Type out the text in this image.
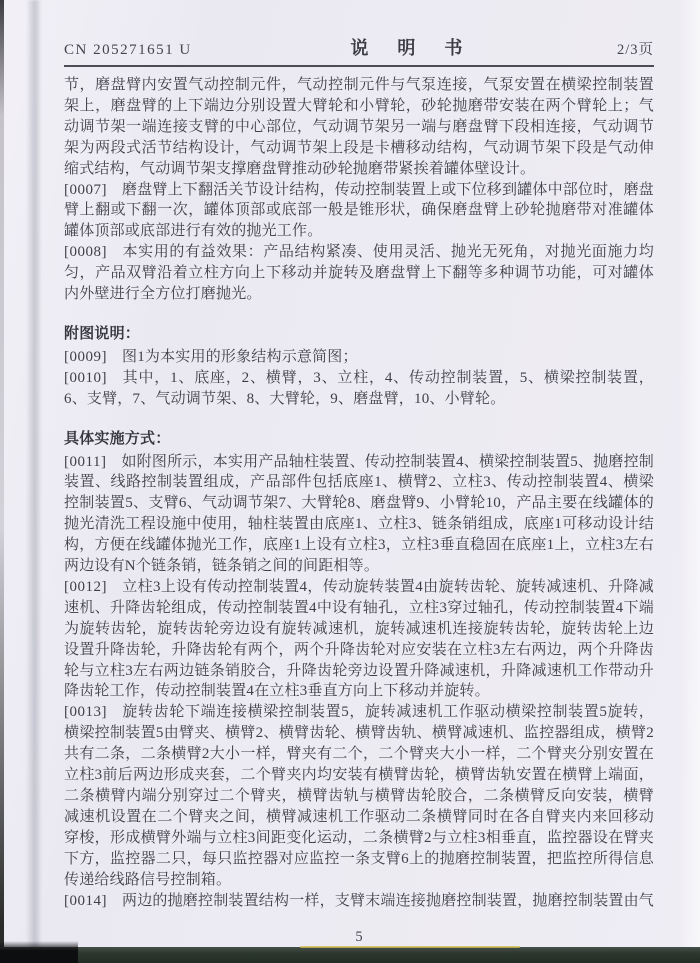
CN 205271651 U	说 明 书	2/3页

节，磨盘臂内安置气动控制元件，气动控制元件与气泵连接，气泵安置在横梁控制装置架上，磨盘臂的上下端边分别设置大臂轮和小臂轮，砂轮抛磨带安装在两个臂轮上；气动调节架一端连接支臂的中心部位，气动调节架另一端与磨盘臂下段相连接，气动调节架为两段式活节结构设计，气动调节架上段是卡槽移动结构，气动调节架下段是气动伸缩式结构，气动调节架支撑磨盘臂推动砂轮抛磨带紧挨着罐体壁设计。

[0007] 磨盘臂上下翻活关节设计结构，传动控制装置上或下位移到罐体中部位时，磨盘臂上翻或下翻一次，罐体顶部或底部一般是锥形状，确保磨盘臂上砂轮抛磨带对准罐体罐体顶部或底部进行有效的抛光工作。

[0008] 本实用的有益效果：产品结构紧凑、使用灵活、抛光无死角，对抛光面施力均匀，产品双臂沿着立柱方向上下移动并旋转及磨盘臂上下翻等多种调节功能，可对罐体内外壁进行全方位打磨抛光。

附图说明：

[0009] 图1为本实用的形象结构示意简图；

[0010] 其中，1、底座，2、横臂，3、立柱，4、传动控制装置，5、横梁控制装置，6、支臂，7、气动调节架、8、大臂轮，9、磨盘臂，10、小臂轮。

具体实施方式：

[0011] 如附图所示，本实用产品轴柱装置、传动控制装置4、横梁控制装置5、抛磨控制装置、线路控制装置组成，产品部件包括底座1、横臂2、立柱3、传动控制装置4、横梁控制装置5、支臂6、气动调节架7、大臂轮8、磨盘臂9、小臂轮10，产品主要在线罐体的抛光清洗工程设施中使用，轴柱装置由底座1、立柱3、链条销组成，底座1可移动设计结构，方便在线罐体抛光工作，底座1上设有立柱3，立柱3垂直稳固在底座1上，立柱3左右两边设有N个链条销，链条销之间的间距相等。

[0012] 立柱3上设有传动控制装置4，传动旋转装置4由旋转齿轮、旋转减速机、升降减速机、升降齿轮组成，传动控制装置4中设有轴孔，立柱3穿过轴孔，传动控制装置4下端为旋转齿轮，旋转齿轮旁边设有旋转减速机，旋转减速机连接旋转齿轮，旋转齿轮上边设置升降齿轮，升降齿轮有两个，两个升降齿轮对应安装在立柱3左右两边，两个升降齿轮与立柱3左右两边链条销胶合，升降齿轮旁边设置升降减速机，升降减速机工作带动升降齿轮工作，传动控制装置4在立柱3垂直方向上下移动并旋转。

[0013] 旋转齿轮下端连接横梁控制装置5，旋转减速机工作驱动横梁控制装置5旋转，横梁控制装置5由臂夹、横臂2、横臂齿轮、横臂齿轨、横臂减速机、监控器组成，横臂2共有二条，二条横臂2大小一样，臂夹有二个，二个臂夹大小一样，二个臂夹分别安置在立柱3前后两边形成夹套，二个臂夹内均安装有横臂齿轮，横臂齿轨安置在横臂上端面，二条横臂内端分别穿过二个臂夹，横臂齿轨与横臂齿轮胶合，二条横臂反向安装，横臂减速机设置在二个臂夹之间，横臂减速机工作驱动二条横臂同时在各自臂夹内来回移动穿梭，形成横臂外端与立柱3间距变化运动，二条横臂2与立柱3相垂直，监控器设在臂夹下方，监控器二只，每只监控器对应监控一条支臂6上的抛磨控制装置，把监控所得信息传递给线路信号控制箱。

[0014] 两边的抛磨控制装置结构一样，支臂末端连接抛磨控制装置，抛磨控制装置由气

5
